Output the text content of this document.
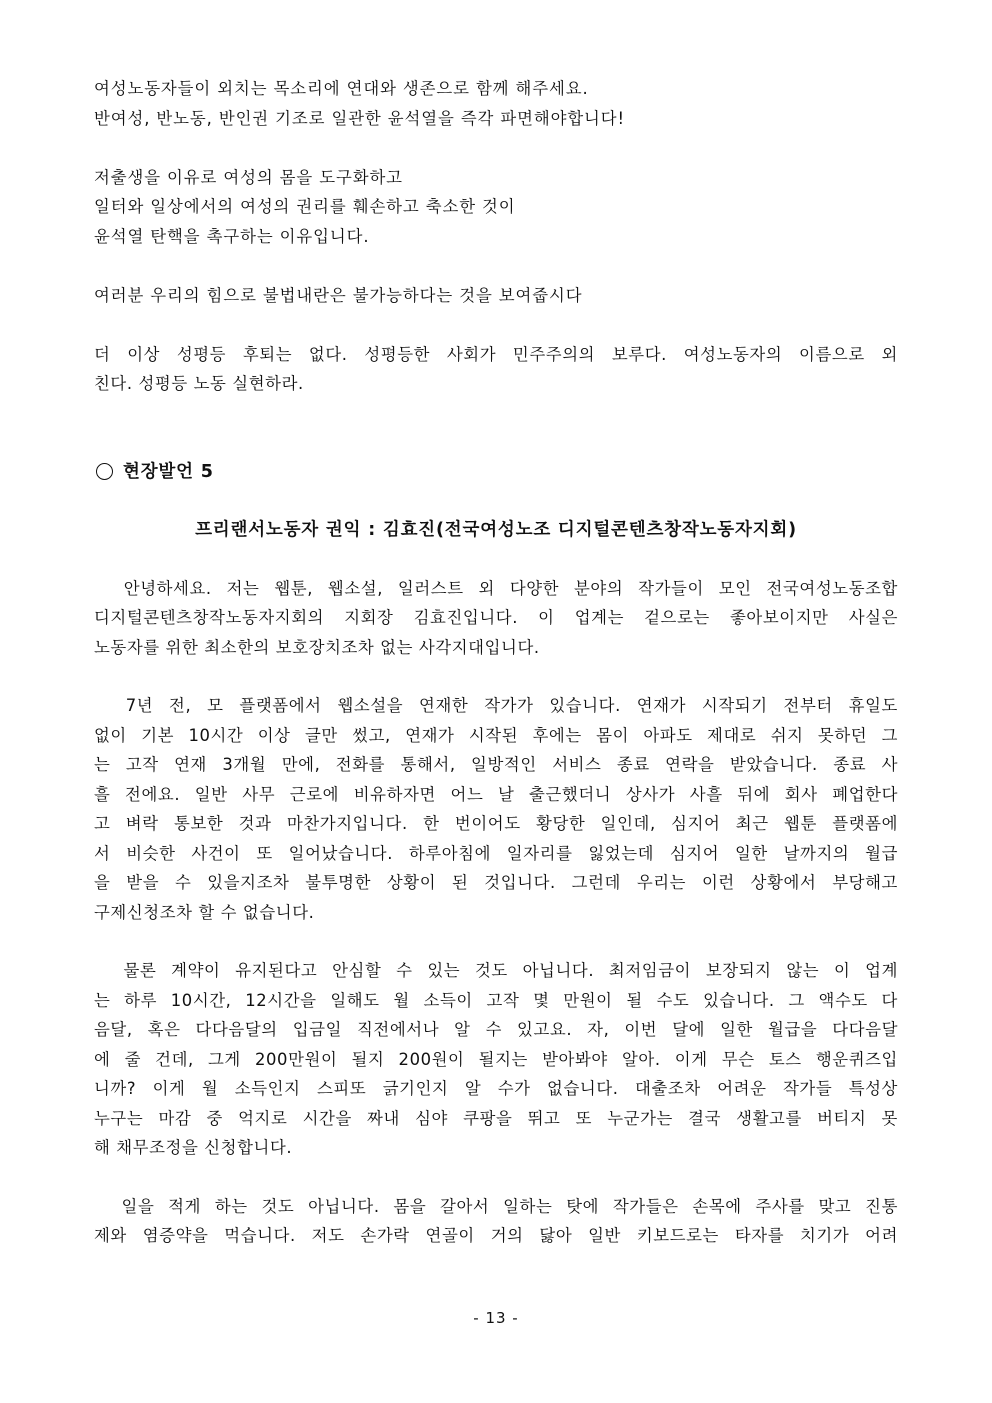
여성노동자들이 외치는 목소리에 연대와 생존으로 함께 해주세요.
반여성, 반노동, 반인권 기조로 일관한 윤석열을 즉각 파면해야합니다!
저출생을 이유로 여성의 몸을 도구화하고
일터와 일상에서의 여성의 권리를 훼손하고 축소한 것이
윤석열 탄핵을 촉구하는 이유입니다.
여러분 우리의 힘으로 불법내란은 불가능하다는 것을 보여줍시다
더 이상 성평등 후퇴는 없다. 성평등한 사회가 민주주의의 보루다. 여성노동자의 이름으로 외
친다. 성평등 노동 실현하라.
현장발언 5
프리랜서노동자 권익 : 김효진(전국여성노조 디지털콘텐츠창작노동자지회)
안녕하세요. 저는 웹툰, 웹소설, 일러스트 외 다양한 분야의 작가들이 모인 전국여성노동조합
디지털콘텐츠창작노동자지회의 지회장 김효진입니다. 이 업계는 겉으로는 좋아보이지만 사실은
노동자를 위한 최소한의 보호장치조차 없는 사각지대입니다.
7년 전, 모 플랫폼에서 웹소설을 연재한 작가가 있습니다. 연재가 시작되기 전부터 휴일도
없이 기본 10시간 이상 글만 썼고, 연재가 시작된 후에는 몸이 아파도 제대로 쉬지 못하던 그
는 고작 연재 3개월 만에, 전화를 통해서, 일방적인 서비스 종료 연락을 받았습니다. 종료 사
흘 전에요. 일반 사무 근로에 비유하자면 어느 날 출근했더니 상사가 사흘 뒤에 회사 폐업한다
고 벼락 통보한 것과 마찬가지입니다. 한 번이어도 황당한 일인데, 심지어 최근 웹툰 플랫폼에
서 비슷한 사건이 또 일어났습니다. 하루아침에 일자리를 잃었는데 심지어 일한 날까지의 월급
을 받을 수 있을지조차 불투명한 상황이 된 것입니다. 그런데 우리는 이런 상황에서 부당해고
구제신청조차 할 수 없습니다.
물론 계약이 유지된다고 안심할 수 있는 것도 아닙니다. 최저임금이 보장되지 않는 이 업계
는 하루 10시간, 12시간을 일해도 월 소득이 고작 몇 만원이 될 수도 있습니다. 그 액수도 다
음달, 혹은 다다음달의 입금일 직전에서나 알 수 있고요. 자, 이번 달에 일한 월급을 다다음달
에 줄 건데, 그게 200만원이 될지 200원이 될지는 받아봐야 알아. 이게 무슨 토스 행운퀴즈입
니까? 이게 월 소득인지 스피또 긁기인지 알 수가 없습니다. 대출조차 어려운 작가들 특성상
누구는 마감 중 억지로 시간을 짜내 심야 쿠팡을 뛰고 또 누군가는 결국 생활고를 버티지 못
해 채무조정을 신청합니다.
일을 적게 하는 것도 아닙니다. 몸을 갈아서 일하는 탓에 작가들은 손목에 주사를 맞고 진통
제와 염증약을 먹습니다. 저도 손가락 연골이 거의 닳아 일반 키보드로는 타자를 치기가 어려
- 13 -
